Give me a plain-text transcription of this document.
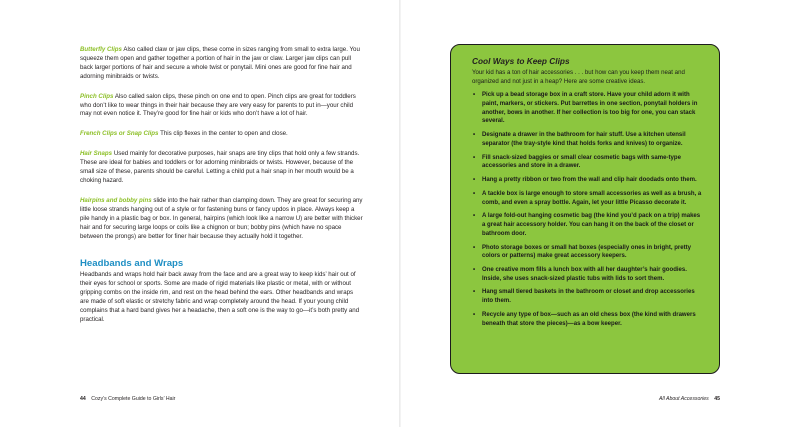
Butterfly Clips Also called claw or jaw clips, these come in sizes ranging from small to extra large. You squeeze them open and gather together a portion of hair in the jaw or claw. Larger jaw clips can pull back larger portions of hair and secure a whole twist or ponytail. Mini ones are good for fine hair and adorning minibraids or twists.

Pinch Clips Also called salon clips, these pinch on one end to open. Pinch clips are great for toddlers who don’t like to wear things in their hair because they are very easy for parents to put in—your child may not even notice it. They’re good for fine hair or kids who don’t have a lot of hair.

French Clips or Snap Clips This clip flexes in the center to open and close.

Hair Snaps Used mainly for decorative purposes, hair snaps are tiny clips that hold only a few strands. These are ideal for babies and toddlers or for adorning minibraids or twists. However, because of the small size of these, parents should be careful. Letting a child put a hair snap in her mouth would be a choking hazard.

Hairpins and bobby pins slide into the hair rather than clamping down. They are great for securing any little loose strands hanging out of a style or for fastening buns or fancy updos in place. Always keep a pile handy in a plastic bag or box. In general, hairpins (which look like a narrow U) are better with thicker hair and for securing large loops or coils like a chignon or bun; bobby pins (which have no space between the prongs) are better for finer hair because they actually hold it together.

Headbands and Wraps

Headbands and wraps hold hair back away from the face and are a great way to keep kids’ hair out of their eyes for school or sports. Some are made of rigid materials like plastic or metal, with or without gripping combs on the inside rim, and rest on the head behind the ears. Other headbands and wraps are made of soft elastic or stretchy fabric and wrap completely around the head. If your young child complains that a hard band gives her a headache, then a soft one is the way to go—it’s both pretty and practical.

44 Cozy’s Complete Guide to Girls’ Hair
Cool Ways to Keep Clips
Your kid has a ton of hair accessories . . . but how can you keep them neat and organized and not just in a heap? Here are some creative ideas.
• Pick up a bead storage box in a craft store. Have your child adorn it with paint, markers, or stickers. Put barrettes in one section, ponytail holders in another, bows in another. If her collection is too big for one, you can stack several.
• Designate a drawer in the bathroom for hair stuff. Use a kitchen utensil separator (the tray-style kind that holds forks and knives) to organize.
• Fill snack-sized baggies or small clear cosmetic bags with same-type accessories and store in a drawer.
• Hang a pretty ribbon or two from the wall and clip hair doodads onto them.
• A tackle box is large enough to store small accessories as well as a brush, a comb, and even a spray bottle. Again, let your little Picasso decorate it.
• A large fold-out hanging cosmetic bag (the kind you’d pack on a trip) makes a great hair accessory holder. You can hang it on the back of the closet or bathroom door.
• Photo storage boxes or small hat boxes (especially ones in bright, pretty colors or patterns) make great accessory keepers.
• One creative mom fills a lunch box with all her daughter’s hair goodies. Inside, she uses snack-sized plastic tubs with lids to sort them.
• Hang small tiered baskets in the bathroom or closet and drop accessories into them.
• Recycle any type of box—such as an old chess box (the kind with drawers beneath that store the pieces)—as a bow keeper.
All About Accessories 45
